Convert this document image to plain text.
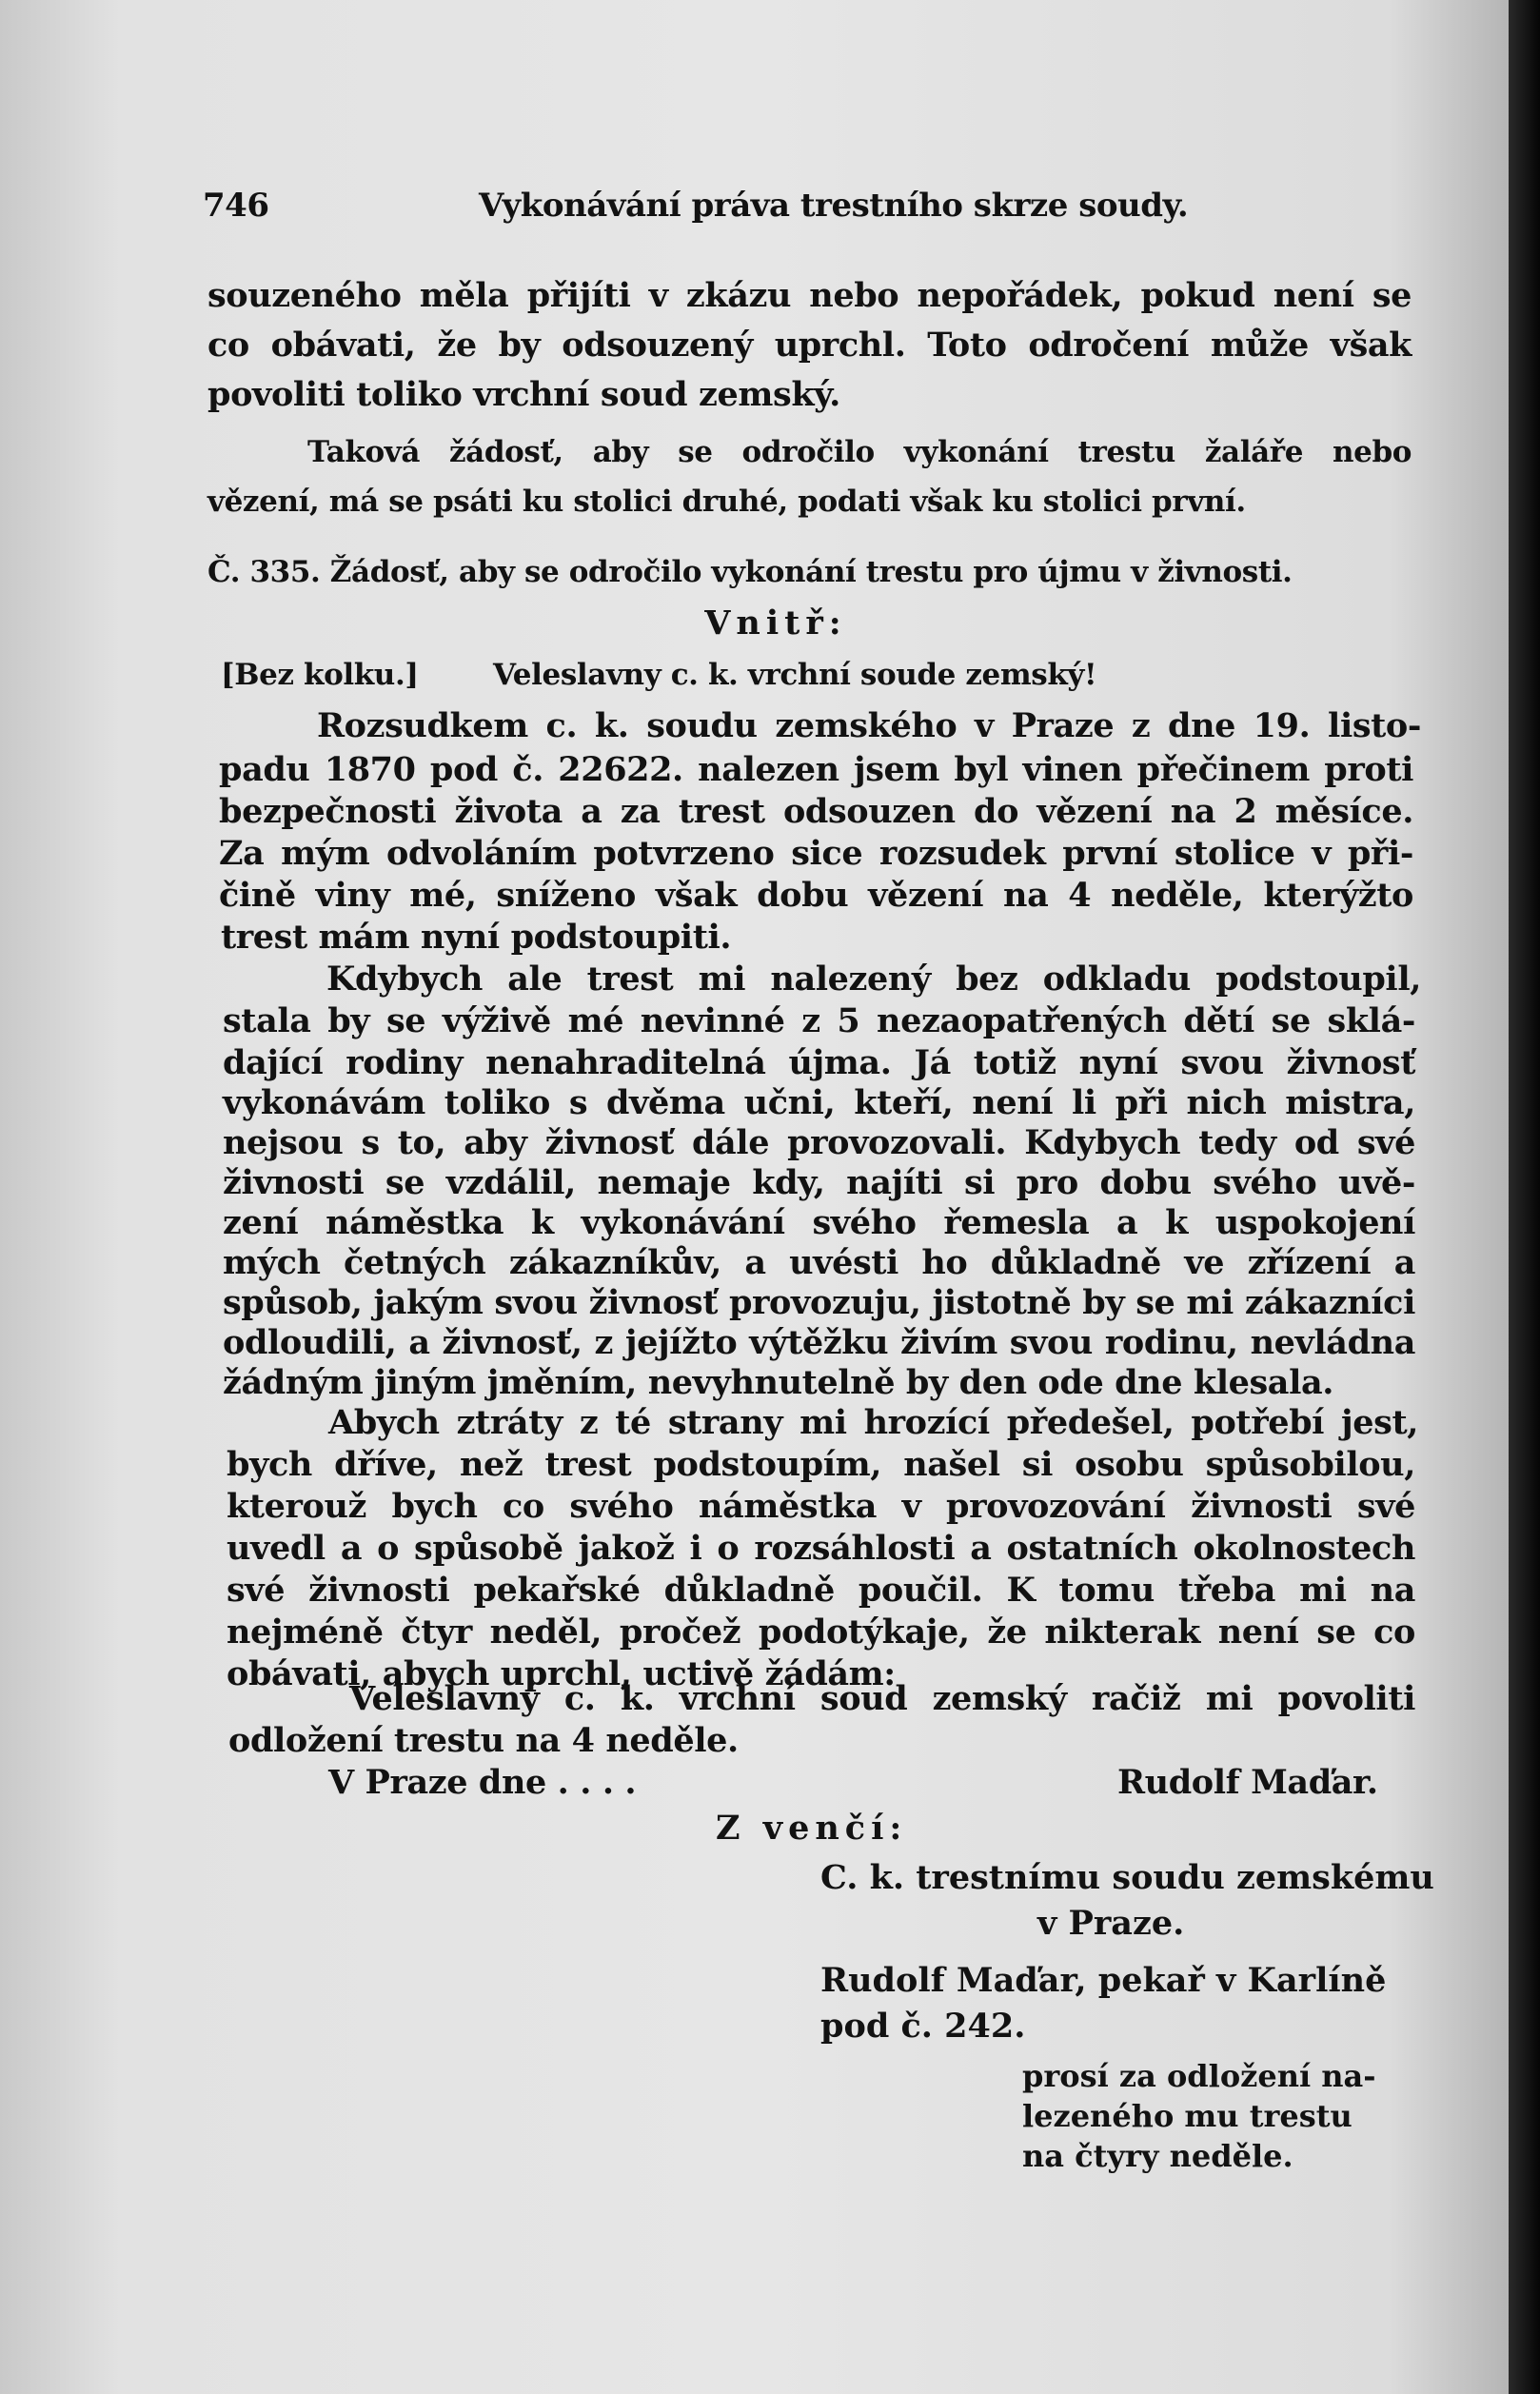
746	Vykonávání práva trestního skrze soudy.
souzeného měla přijíti v zkázu nebo nepořádek, pokud není se
co obávati, že by odsouzený uprchl. Toto odročení může však
povoliti toliko vrchní soud zemský.
Taková žádosť, aby se odročilo vykonání trestu žaláře nebo
vězení, má se psáti ku stolici druhé, podati však ku stolici první.
Č. 335. Žádosť, aby se odročilo vykonání trestu pro újmu v živnosti.
Vnitř:
[Bez kolku.]	Veleslavny c. k. vrchní soude zemský!
Rozsudkem c. k. soudu zemského v Praze z dne 19. listo-
padu 1870 pod č. 22622. nalezen jsem byl vinen přečinem proti
bezpečnosti života a za trest odsouzen do vězení na 2 měsíce.
Za mým odvoláním potvrzeno sice rozsudek první stolice v při-
čině viny mé, sníženo však dobu vězení na 4 neděle, kterýžto
trest mám nyní podstoupiti.
Kdybych ale trest mi nalezený bez odkladu podstoupil,
stala by se výživě mé nevinné z 5 nezaopatřených dětí se sklá-
dající rodiny nenahraditelná újma. Já totiž nyní svou živnosť
vykonávám toliko s dvěma učni, kteří, není li při nich mistra,
nejsou s to, aby živnosť dále provozovali. Kdybych tedy od své
živnosti se vzdálil, nemaje kdy, najíti si pro dobu svého uvě-
zení náměstka k vykonávání svého řemesla a k uspokojení
mých četných zákazníkův, a uvésti ho důkladně ve zřízení a
spůsob, jakým svou živnosť provozuju, jistotně by se mi zákazníci
odloudili, a živnosť, z jejížto výtěžku živím svou rodinu, nevládna
žádným jiným jměním, nevyhnutelně by den ode dne klesala.
Abych ztráty z té strany mi hrozící předešel, potřebí jest,
bych dříve, než trest podstoupím, našel si osobu spůsobilou,
kterouž bych co svého náměstka v provozování živnosti své
uvedl a o spůsobě jakož i o rozsáhlosti a ostatních okolnostech
své živnosti pekařské důkladně poučil. K tomu třeba mi na
nejméně čtyr neděl, pročež podotýkaje, že nikterak není se co
obávati, abych uprchl, uctivě žádám:
Veleslavný c. k. vrchní soud zemský račiž mi povoliti
odložení trestu na 4 neděle.
V Praze dne . . . .	Rudolf Maďar.
Z venčí:
C. k. trestnímu soudu zemskému
v Praze.
Rudolf Maďar, pekař v Karlíně
pod č. 242.
prosí za odložení na-
lezeného mu trestu
na čtyry neděle.
